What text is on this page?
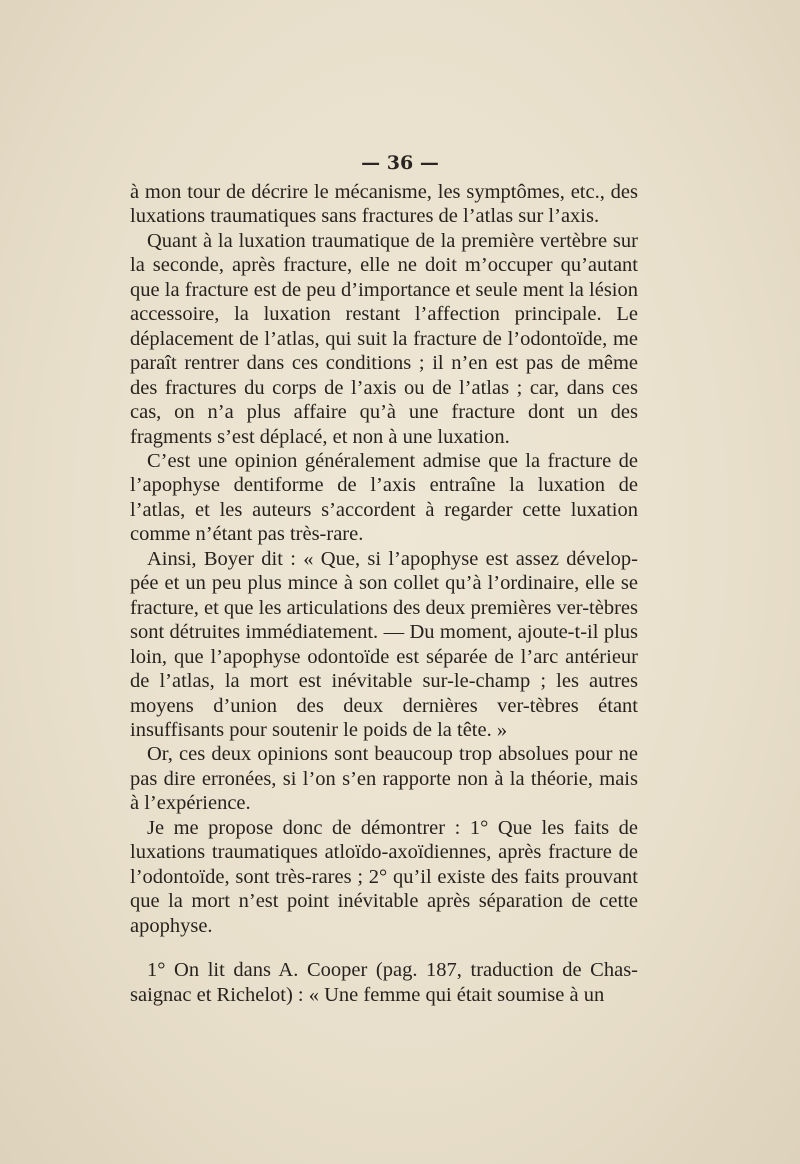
— 36 —

à mon tour de décrire le mécanisme, les symptômes, etc., des luxations traumatiques sans fractures de l’atlas sur l’axis.

Quant à la luxation traumatique de la première vertèbre sur la seconde, après fracture, elle ne doit m’occuper qu’autant que la fracture est de peu d’importance et seule ment la lésion accessoire, la luxation restant l’affection principale. Le déplacement de l’atlas, qui suit la fracture de l’odontoïde, me paraît rentrer dans ces conditions ; il n’en est pas de même des fractures du corps de l’axis ou de l’atlas ; car, dans ces cas, on n’a plus affaire qu’à une fracture dont un des fragments s’est déplacé, et non à une luxation.

C’est une opinion généralement admise que la fracture de l’apophyse dentiforme de l’axis entraîne la luxation de l’atlas, et les auteurs s’accordent à regarder cette luxation comme n’étant pas très-rare.

Ainsi, Boyer dit : « Que, si l’apophyse est assez dévelop-pée et un peu plus mince à son collet qu’à l’ordinaire, elle se fracture, et que les articulations des deux premières ver-tèbres sont détruites immédiatement. — Du moment, ajoute-t-il plus loin, que l’apophyse odontoïde est séparée de l’arc antérieur de l’atlas, la mort est inévitable sur-le-champ ; les autres moyens d’union des deux dernières ver-tèbres étant insuffisants pour soutenir le poids de la tête. »

Or, ces deux opinions sont beaucoup trop absolues pour ne pas dire erronées, si l’on s’en rapporte non à la théorie, mais à l’expérience.

Je me propose donc de démontrer : 1° Que les faits de luxations traumatiques atloïdo-axoïdiennes, après fracture de l’odontoïde, sont très-rares ; 2° qu’il existe des faits prouvant que la mort n’est point inévitable après séparation de cette apophyse.

1° On lit dans A. Cooper (pag. 187, traduction de Chas-saignac et Richelot) : « Une femme qui était soumise à un
